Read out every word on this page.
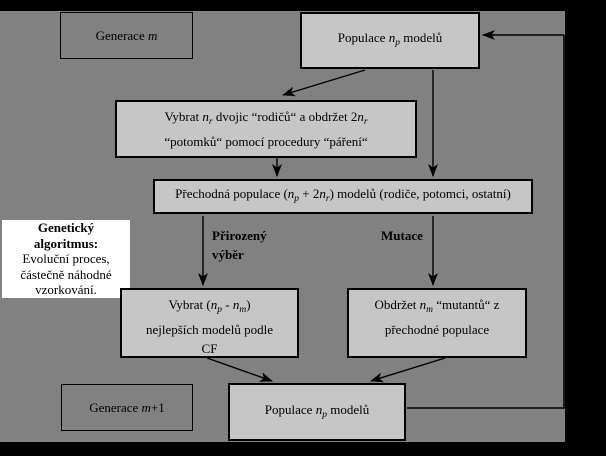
Generace m	Populace $n_p$ modelů
Vybrat $n_r$ dvojic “rodičů“ a obdržet $2n_r$
“potomků“ pomocí procedury “páření“
Přechodná populace $(n_p + 2n_r)$ modelů (rodiče, potomci, ostatní)
Genetický
algoritmus:
Evoluční proces,
částečně náhodné
vzorkování.
Přirozený
výběr
Mutace
Vybrat $(n_p - n_m)$
nejlepších modelů podle
CF
Obdržet $n_m$ “mutantů“ z
přechodné populace
Generace m+1	Populace $n_p$ modelů
